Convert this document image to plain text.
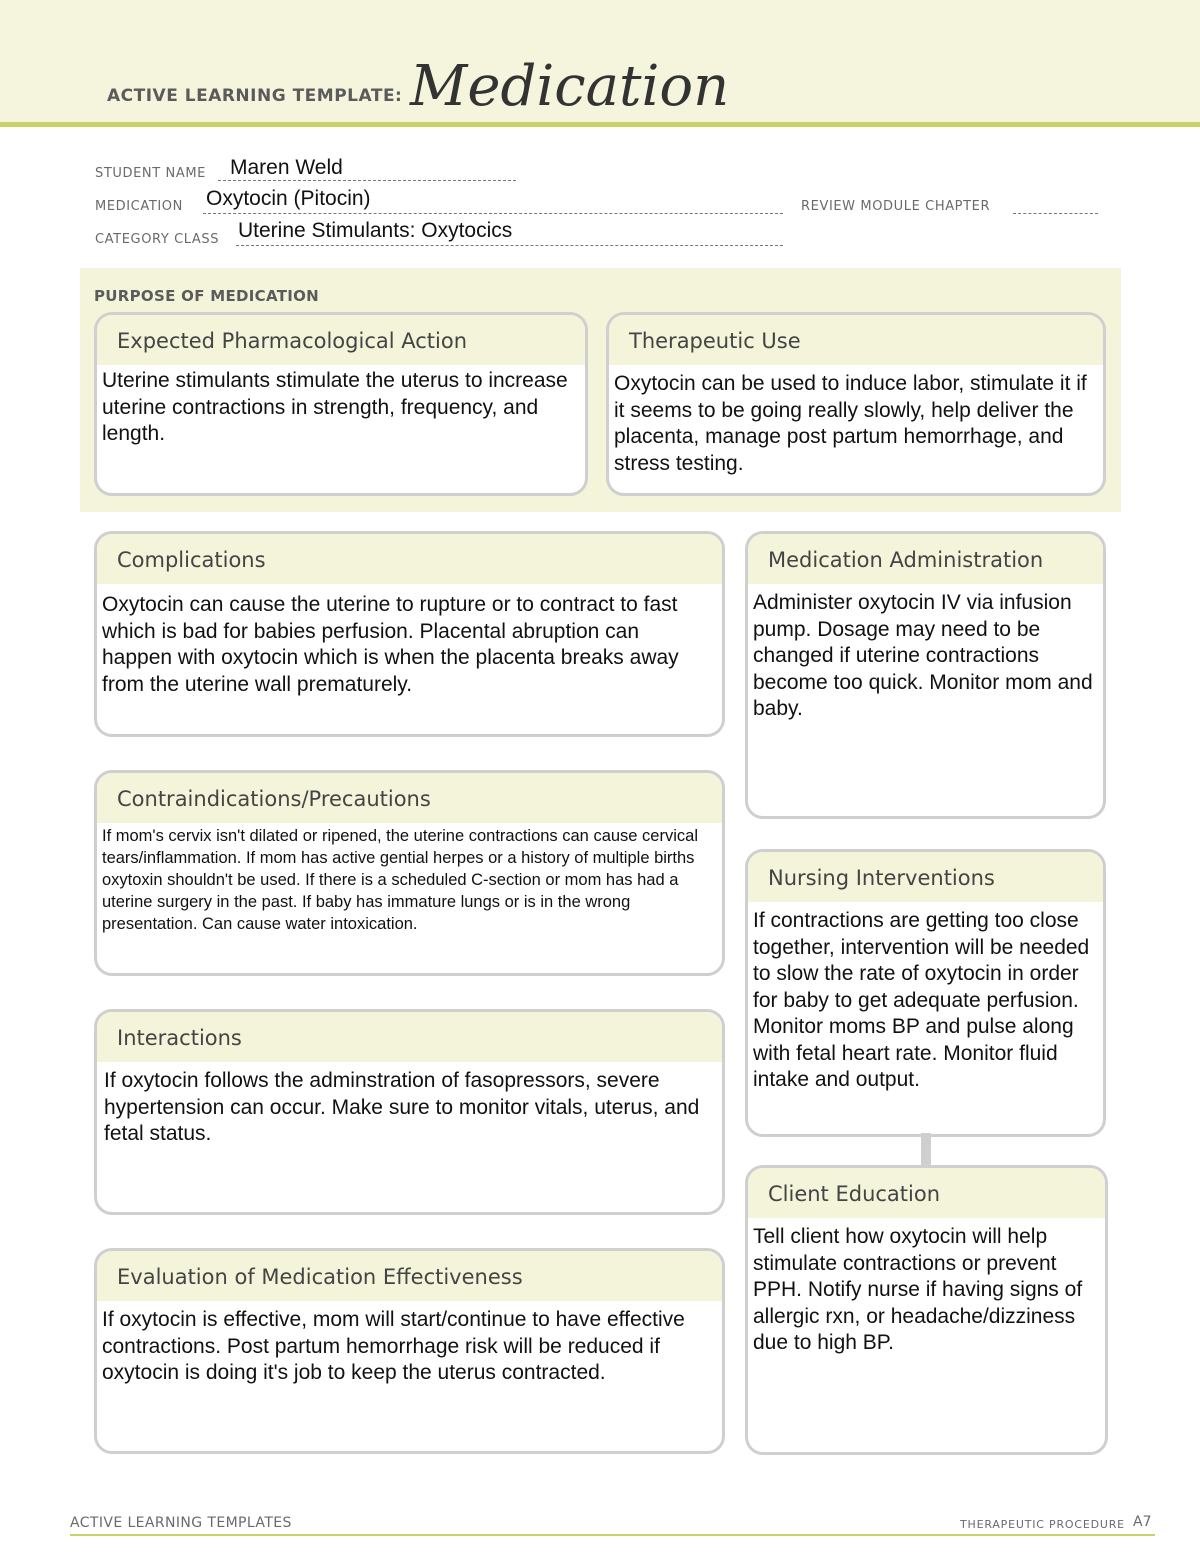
ACTIVE LEARNING TEMPLATE: Medication
STUDENT NAME Maren Weld
MEDICATION Oxytocin (Pitocin)	REVIEW MODULE CHAPTER
CATEGORY CLASS Uterine Stimulants: Oxytocics
PURPOSE OF MEDICATION
Expected Pharmacological Action
Uterine stimulants stimulate the uterus to increase uterine contractions in strength, frequency, and length.
Therapeutic Use
Oxytocin can be used to induce labor, stimulate it if it seems to be going really slowly, help deliver the placenta, manage post partum hemorrhage, and stress testing.
Complications
Oxytocin can cause the uterine to rupture or to contract to fast which is bad for babies perfusion. Placental abruption can happen with oxytocin which is when the placenta breaks away from the uterine wall prematurely.
Contraindications/Precautions
If mom's cervix isn't dilated or ripened, the uterine contractions can cause cervical tears/inflammation. If mom has active gential herpes or a history of multiple births oxytoxin shouldn't be used. If there is a scheduled C-section or mom has had a uterine surgery in the past. If baby has immature lungs or is in the wrong presentation. Can cause water intoxication.
Interactions
If oxytocin follows the adminstration of fasopressors, severe hypertension can occur. Make sure to monitor vitals, uterus, and fetal status.
Evaluation of Medication Effectiveness
If oxytocin is effective, mom will start/continue to have effective contractions. Post partum hemorrhage risk will be reduced if oxytocin is doing it's job to keep the uterus contracted.
Medication Administration
Administer oxytocin IV via infusion pump. Dosage may need to be changed if uterine contractions become too quick. Monitor mom and baby.
Nursing Interventions
If contractions are getting too close together, intervention will be needed to slow the rate of oxytocin in order for baby to get adequate perfusion. Monitor moms BP and pulse along with fetal heart rate. Monitor fluid intake and output.
Client Education
Tell client how oxytocin will help stimulate contractions or prevent PPH. Notify nurse if having signs of allergic rxn, or headache/dizziness due to high BP.
ACTIVE LEARNING TEMPLATES	THERAPEUTIC PROCEDURE A7
